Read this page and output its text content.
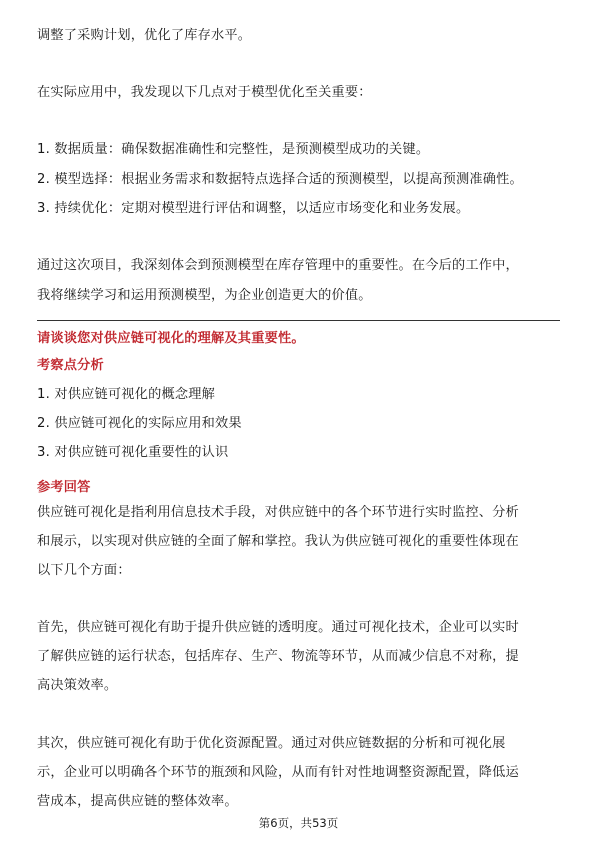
调整了采购计划，优化了库存水平。
在实际应用中，我发现以下几点对于模型优化至关重要：
1. 数据质量：确保数据准确性和完整性，是预测模型成功的关键。
2. 模型选择：根据业务需求和数据特点选择合适的预测模型，以提高预测准确性。
3. 持续优化：定期对模型进行评估和调整，以适应市场变化和业务发展。
通过这次项目，我深刻体会到预测模型在库存管理中的重要性。在今后的工作中，
我将继续学习和运用预测模型，为企业创造更大的价值。
请谈谈您对供应链可视化的理解及其重要性。
考察点分析
1. 对供应链可视化的概念理解
2. 供应链可视化的实际应用和效果
3. 对供应链可视化重要性的认识
参考回答
供应链可视化是指利用信息技术手段，对供应链中的各个环节进行实时监控、分析
和展示，以实现对供应链的全面了解和掌控。我认为供应链可视化的重要性体现在
以下几个方面：
首先，供应链可视化有助于提升供应链的透明度。通过可视化技术，企业可以实时
了解供应链的运行状态，包括库存、生产、物流等环节，从而减少信息不对称，提
高决策效率。
其次，供应链可视化有助于优化资源配置。通过对供应链数据的分析和可视化展
示，企业可以明确各个环节的瓶颈和风险，从而有针对性地调整资源配置，降低运
营成本，提高供应链的整体效率。
第6页，共53页
